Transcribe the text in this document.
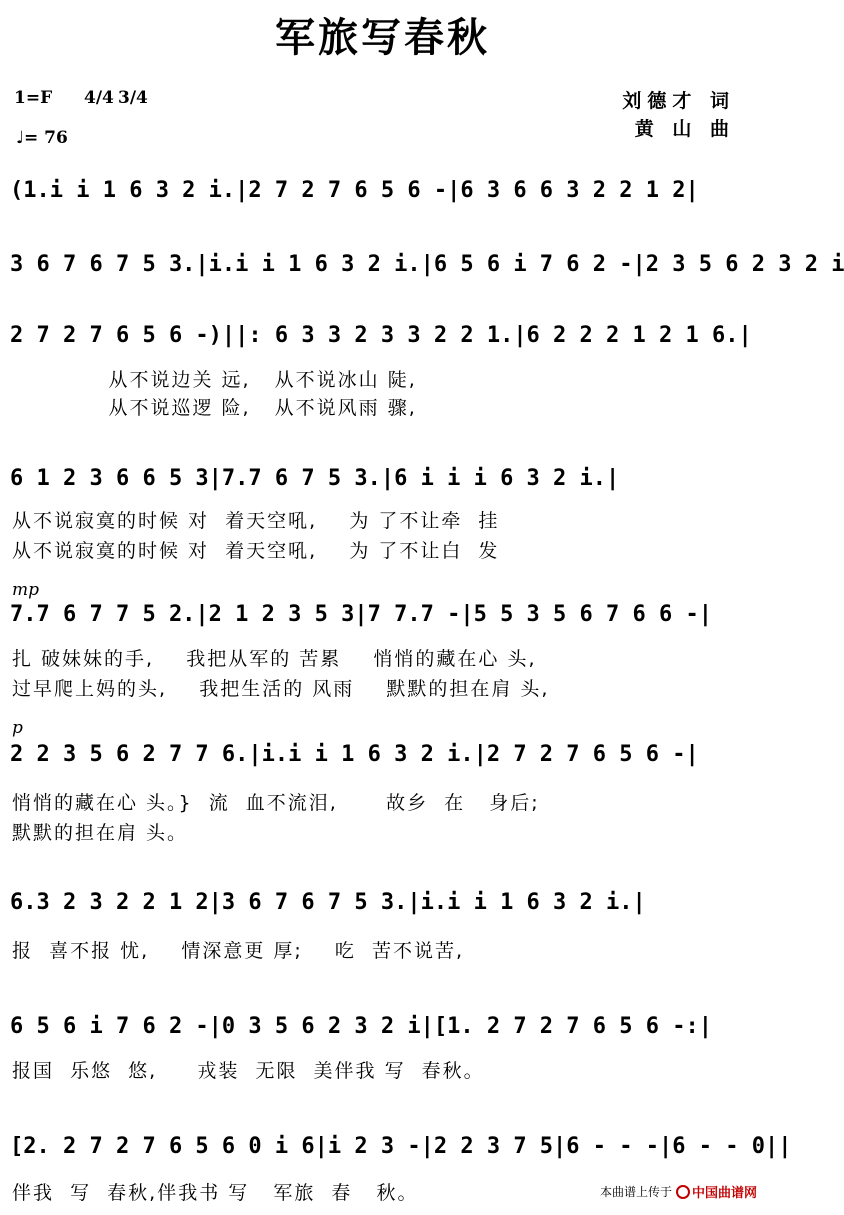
军旅写春秋
1=F 4/4 3/4
♩= 76
刘德才 词
黄 山 曲
(1.i i 1 6 3 2 i.|2 7 2 7 6 5 6 -|6 3 6 6 3 2 2 1 2|
3 6 7 6 7 5 3.|i.i i 1 6 3 2 i.|6 5 6 i 7 6 2 -|2 3 5 6 2 3 2 i
2 7 2 7 6 5 6 -)||: 6 3 3 2 3 3 2 2 1.|6 2 2 2 1 2 1 6.|
从不说边关 远,   从不说冰山 陡,
从不说巡逻 险,   从不说风雨 骤,
6 1 2 3 6 6 5 3|7.7 6 7 5 3.|6 i i i 6 3 2 i.|
从不说寂寞的时候 对  着天空吼,    为 了不让牵  挂
从不说寂寞的时候 对  着天空吼,    为 了不让白  发
mp
7.7 6 7 7 5 2.|2 1 2 3 5 3|7 7.7 -|5 5 3 5 6 7 6 6 -|
扎 破妹妹的手,    我把从军的 苦累    悄悄的藏在心 头,
过早爬上妈的头,    我把生活的 风雨    默默的担在肩 头,
p
2 2 3 5 6 2 7 7 6.|i.i i 1 6 3 2 i.|2 7 2 7 6 5 6 -|
悄悄的藏在心 头。}  流  血不流泪,      故乡  在   身后;
默默的担在肩 头。
6.3 2 3 2 2 1 2|3 6 7 6 7 5 3.|i.i i 1 6 3 2 i.|
报  喜不报 忧,    情深意更 厚;    吃  苦不说苦,
6 5 6 i 7 6 2 -|0 3 5 6 2 3 2 i|[1. 2 7 2 7 6 5 6 -:|
报国  乐悠  悠,     戎装  无限  美伴我 写  春秋。
[2. 2 7 2 7 6 5 6 0 i 6|i 2 3 -|2 2 3 7 5|6 - - -|6 - - 0||
伴我  写  春秋,伴我书 写   军旅  春   秋。	本曲谱上传于 中国曲谱网
